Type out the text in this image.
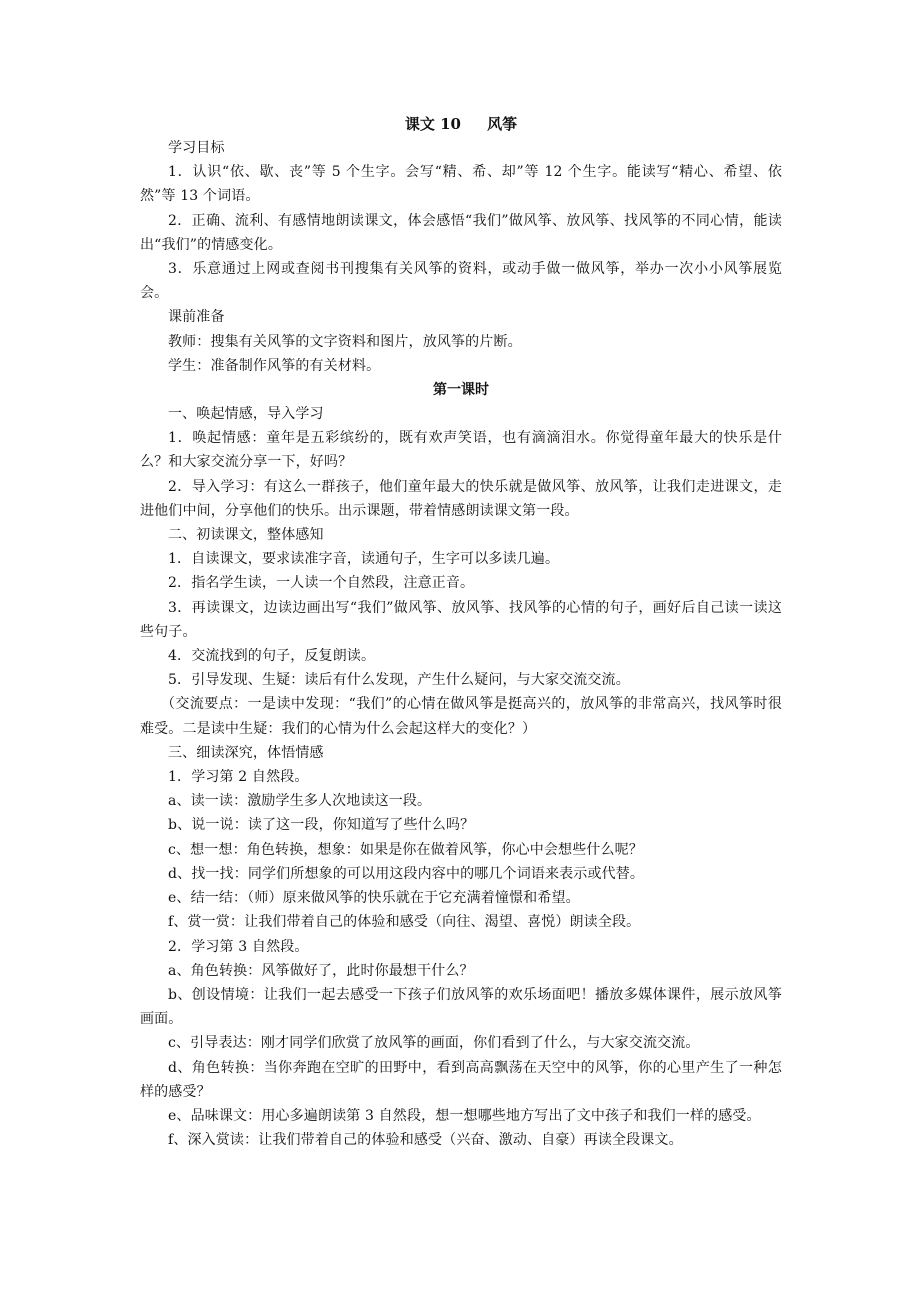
课文 10     风筝

学习目标

1．认识“依、歇、丧”等 5 个生字。会写“精、希、却”等 12 个生字。能读写“精心、希望、依然”等 13 个词语。

2．正确、流利、有感情地朗读课文，体会感悟“我们”做风筝、放风筝、找风筝的不同心情，能读出“我们”的情感变化。

3．乐意通过上网或查阅书刊搜集有关风筝的资料，或动手做一做风筝，举办一次小小风筝展览会。

课前准备

教师：搜集有关风筝的文字资料和图片，放风筝的片断。

学生：准备制作风筝的有关材料。

第一课时

一、唤起情感，导入学习

1．唤起情感：童年是五彩缤纷的，既有欢声笑语，也有滴滴泪水。你觉得童年最大的快乐是什么？和大家交流分享一下，好吗？

2．导入学习：有这么一群孩子，他们童年最大的快乐就是做风筝、放风筝，让我们走进课文，走进他们中间，分享他们的快乐。出示课题，带着情感朗读课文第一段。

二、初读课文，整体感知

1．自读课文，要求读准字音，读通句子，生字可以多读几遍。

2．指名学生读，一人读一个自然段，注意正音。

3．再读课文，边读边画出写“我们”做风筝、放风筝、找风筝的心情的句子，画好后自己读一读这些句子。

4．交流找到的句子，反复朗读。

5．引导发现、生疑：读后有什么发现，产生什么疑问，与大家交流交流。

（交流要点：一是读中发现：“我们”的心情在做风筝是挺高兴的，放风筝的非常高兴，找风筝时很难受。二是读中生疑：我们的心情为什么会起这样大的变化？）

三、细读深究，体悟情感

1．学习第 2 自然段。

a、读一读：激励学生多人次地读这一段。

b、说一说：读了这一段，你知道写了些什么吗？

c、想一想：角色转换，想象：如果是你在做着风筝，你心中会想些什么呢？

d、找一找：同学们所想象的可以用这段内容中的哪几个词语来表示或代替。

e、结一结：（师）原来做风筝的快乐就在于它充满着憧憬和希望。

f、赏一赏：让我们带着自己的体验和感受（向往、渴望、喜悦）朗读全段。

2．学习第 3 自然段。

a、角色转换：风筝做好了，此时你最想干什么？

b、创设情境：让我们一起去感受一下孩子们放风筝的欢乐场面吧！播放多媒体课件，展示放风筝画面。

c、引导表达：刚才同学们欣赏了放风筝的画面，你们看到了什么，与大家交流交流。

d、角色转换：当你奔跑在空旷的田野中，看到高高飘荡在天空中的风筝，你的心里产生了一种怎样的感受？

e、品味课文：用心多遍朗读第 3 自然段，想一想哪些地方写出了文中孩子和我们一样的感受。

f、深入赏读：让我们带着自己的体验和感受（兴奋、激动、自豪）再读全段课文。
